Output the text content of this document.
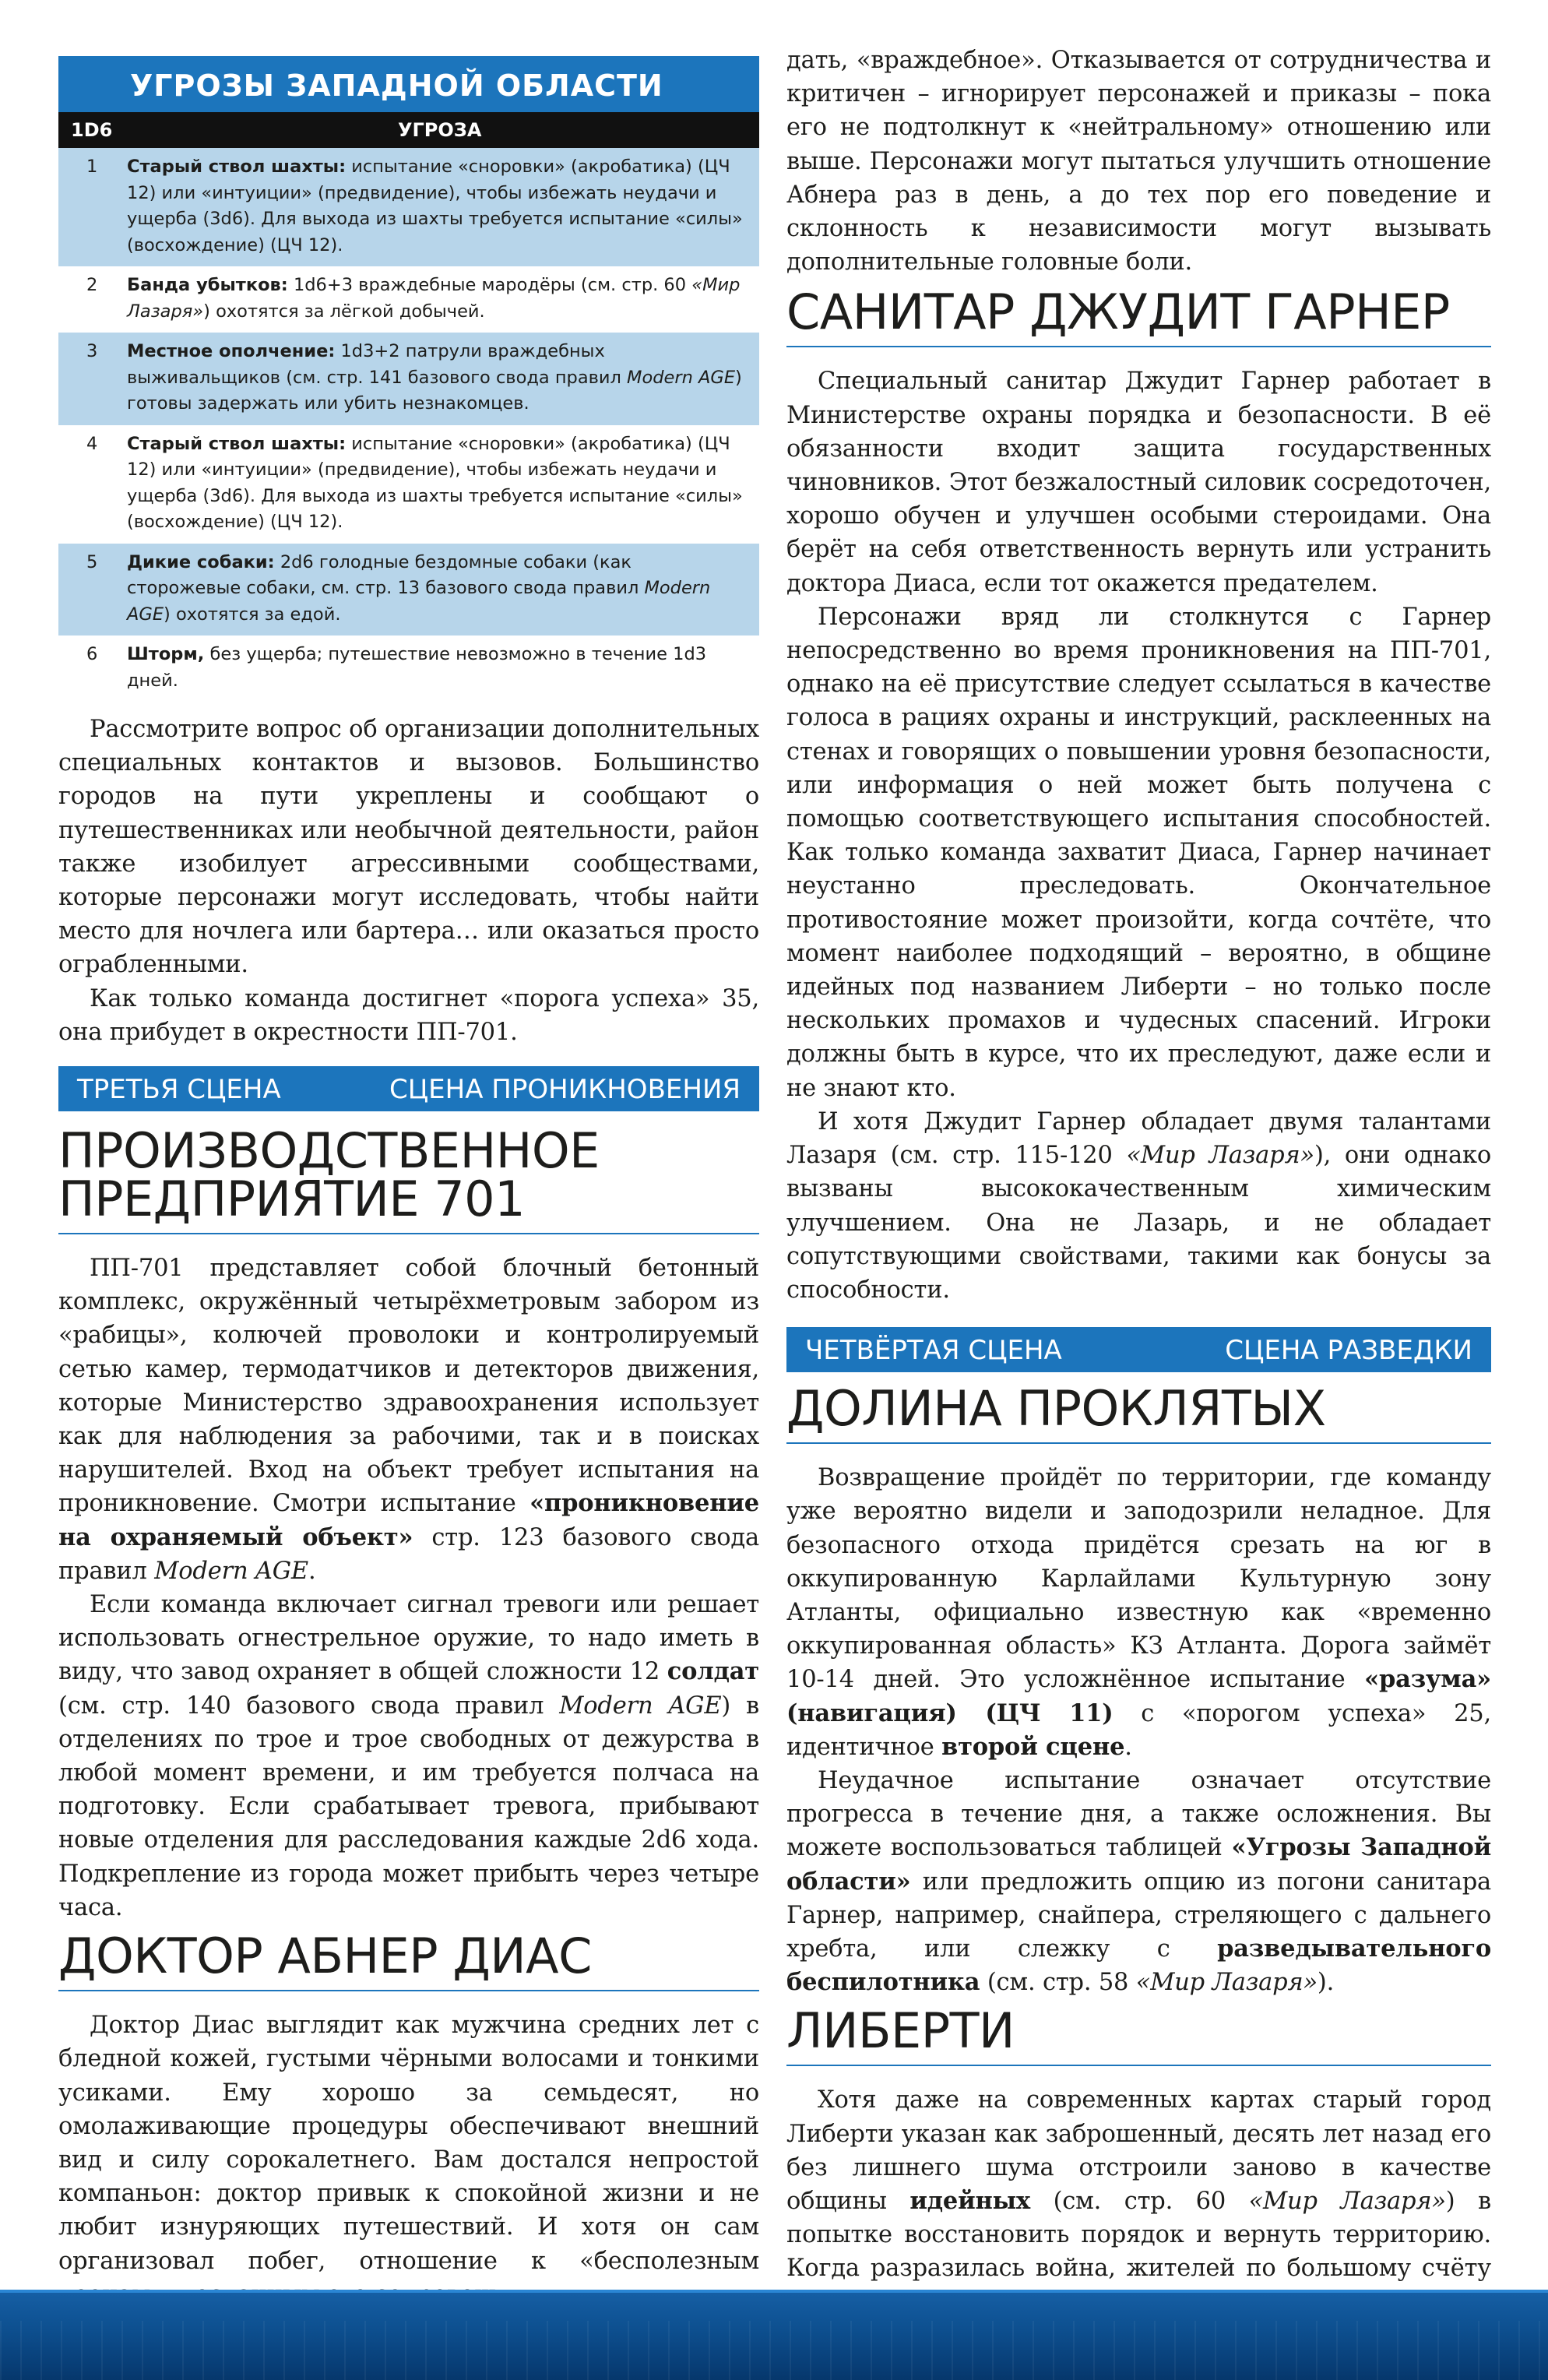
УГРОЗЫ ЗАПАДНОЙ ОБЛАСТИ
1D6	УГРОЗА
1	Старый ствол шахты: испытание «сноровки» (акробатика) (ЦЧ 12) или «интуиции» (предвидение), чтобы избежать неудачи и ущерба (3d6). Для выхода из шахты требуется испытание «силы» (восхождение) (ЦЧ 12).
2	Банда убытков: 1d6+3 враждебные мародёры (см. стр. 60 «Мир Лазаря») охотятся за лёгкой добычей.
3	Местное ополчение: 1d3+2 патрули враждебных выживальщиков (см. стр. 141 базового свода правил Modern AGE) готовы задержать или убить незнакомцев.
4	Старый ствол шахты: испытание «сноровки» (акробатика) (ЦЧ 12) или «интуиции» (предвидение), чтобы избежать неудачи и ущерба (3d6). Для выхода из шахты требуется испытание «силы» (восхождение) (ЦЧ 12).
5	Дикие собаки: 2d6 голодные бездомные собаки (как сторожевые собаки, см. стр. 13 базового свода правил Modern AGE) охотятся за едой.
6	Шторм, без ущерба; путешествие невозможно в течение 1d3 дней.

Рассмотрите вопрос об организации дополнительных специальных контактов и вызовов. Большинство городов на пути укреплены и сообщают о путешественниках или необычной деятельности, район также изобилует агрессивными сообществами, которые персонажи могут исследовать, чтобы найти место для ночлега или бартера… или оказаться просто ограбленными.

Как только команда достигнет «порога успеха» 35, она прибудет в окрестности ПП-701.

ТРЕТЬЯ СЦЕНА	СЦЕНА ПРОНИКНОВЕНИЯ
ПРОИЗВОДСТВЕННОЕ
ПРЕДПРИЯТИЕ 701

ПП-701 представляет собой блочный бетонный комплекс, окружённый четырёхметровым забором из «рабицы», колючей проволоки и контролируемый сетью камер, термодатчиков и детекторов движения, которые Министерство здравоохранения использует как для наблюдения за рабочими, так и в поисках нарушителей. Вход на объект требует испытания на проникновение. Смотри испытание «проникновение на охраняемый объект» стр. 123 базового свода правил Modern AGE.

Если команда включает сигнал тревоги или решает использовать огнестрельное оружие, то надо иметь в виду, что завод охраняет в общей сложности 12 солдат (см. стр. 140 базового свода правил Modern AGE) в отделениях по трое и трое свободных от дежурства в любой момент времени, и им требуется полчаса на подготовку. Если срабатывает тревога, прибывают новые отделения для расследования каждые 2d6 хода. Подкрепление из города может прибыть через четыре часа.

ДОКТОР АБНЕР ДИАС

Доктор Диас выглядит как мужчина средних лет с бледной кожей, густыми чёрными волосами и тонкими усиками. Ему хорошо за семьдесят, но омолаживающие процедуры обеспечивают внешний вид и силу сорокалетнего. Вам достался непростой компаньон: доктор привык к спокойной жизни и не любит изнуряющих путешествий. И хотя он сам организовал побег, отношение к «бесполезным

дать, «враждебное». Отказывается от сотрудничества и критичен – игнорирует персонажей и приказы – пока его не подтолкнут к «нейтральному» отношению или выше. Персонажи могут пытаться улучшить отношение Абнера раз в день, а до тех пор его поведение и склонность к независимости могут вызывать дополнительные головные боли.

САНИТАР ДЖУДИТ ГАРНЕР

Специальный санитар Джудит Гарнер работает в Министерстве охраны порядка и безопасности. В её обязанности входит защита государственных чиновников. Этот безжалостный силовик сосредоточен, хорошо обучен и улучшен особыми стероидами. Она берёт на себя ответственность вернуть или устранить доктора Диаса, если тот окажется предателем.

Персонажи вряд ли столкнутся с Гарнер непосредственно во время проникновения на ПП-701, однако на её присутствие следует ссылаться в качестве голоса в рациях охраны и инструкций, расклеенных на стенах и говорящих о повышении уровня безопасности, или информация о ней может быть получена с помощью соответствующего испытания способностей. Как только команда захватит Диаса, Гарнер начинает неустанно преследовать. Окончательное противостояние может произойти, когда сочтёте, что момент наиболее подходящий – вероятно, в общине идейных под названием Либерти – но только после нескольких промахов и чудесных спасений. Игроки должны быть в курсе, что их преследуют, даже если и не знают кто.

И хотя Джудит Гарнер обладает двумя талантами Лазаря (см. стр. 115-120 «Мир Лазаря»), они однако вызваны высококачественным химическим улучшением. Она не Лазарь, и не обладает сопутствующими свойствами, такими как бонусы за способности.

ЧЕТВЁРТАЯ СЦЕНА	СЦЕНА РАЗВЕДКИ
ДОЛИНА ПРОКЛЯТЫХ

Возвращение пройдёт по территории, где команду уже вероятно видели и заподозрили неладное. Для безопасного отхода придётся срезать на юг в оккупированную Карлайлами Культурную зону Атланты, официально известную как «временно оккупированная область» КЗ Атланта. Дорога займёт 10-14 дней. Это усложнённое испытание «разума» (навигация) (ЦЧ 11) с «порогом успеха» 25, идентичное второй сцене.

Неудачное испытание означает отсутствие прогресса в течение дня, а также осложнения. Вы можете воспользоваться таблицей «Угрозы Западной области» или предложить опцию из погони санитара Гарнер, например, снайпера, стреляющего с дальнего хребта, или слежку с разведывательного беспилотника (см. стр. 58 «Мир Лазаря»).

ЛИБЕРТИ

Хотя даже на современных картах старый город Либерти указан как заброшенный, десять лет назад его без лишнего шума отстроили заново в качестве общины идейных (см. стр. 60 «Мир Лазаря») в попытке восстановить порядок и вернуть территорию. Когда разразилась война, жителей по большому счёту
